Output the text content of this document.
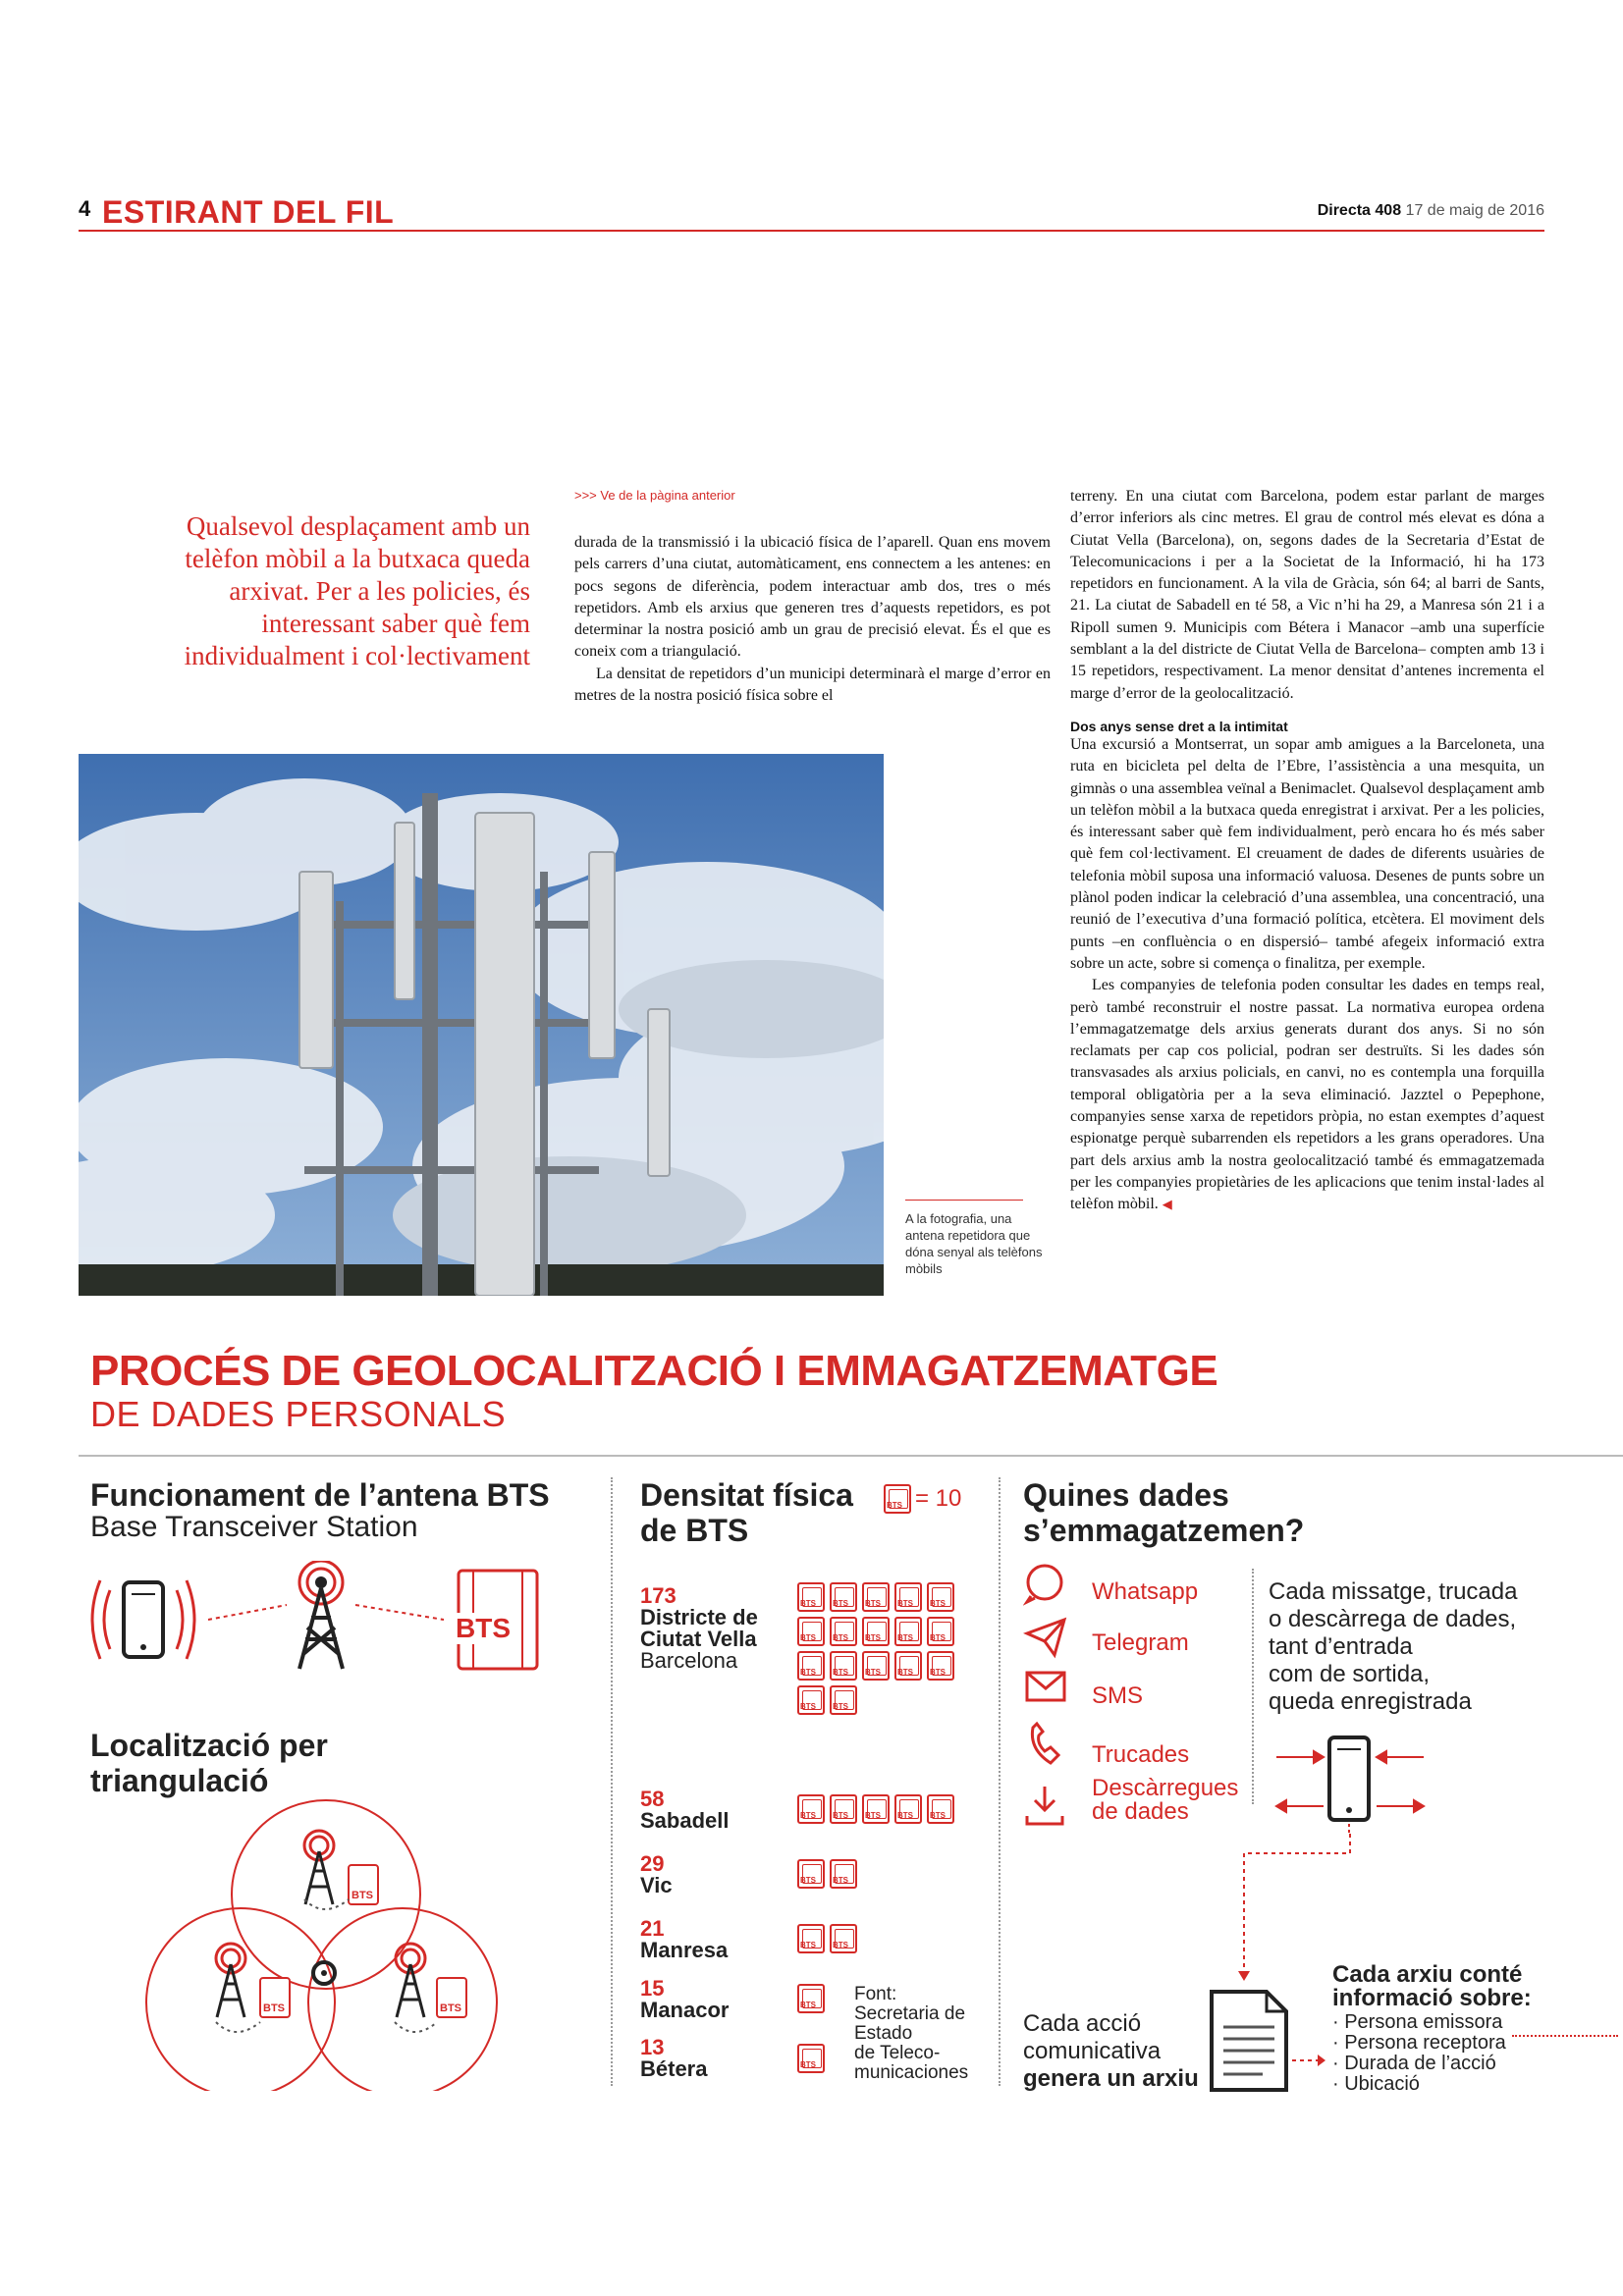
4 ESTIRANT DEL FIL	Directa 408 17 de maig de 2016
Qualsevol desplaçament amb un telèfon mòbil a la butxaca queda arxivat. Per a les policies, és interessant saber què fem individualment i col·lectivament
>>> Ve de la pàgina anterior

durada de la transmissió i la ubicació física de l’aparell. Quan ens movem pels carrers d’una ciutat, automàticament, ens connectem a les antenes: en pocs segons de diferència, podem interactuar amb dos, tres o més repetidors. Amb els arxius que generen tres d’aquests repetidors, es pot determinar la nostra posició amb un grau de precisió elevat. És el que es coneix com a triangulació.

La densitat de repetidors d’un municipi determinarà el marge d’error en metres de la nostra posició física sobre el

terreny. En una ciutat com Barcelona, podem estar parlant de marges d’error inferiors als cinc metres. El grau de control més elevat es dóna a Ciutat Vella (Barcelona), on, segons dades de la Secretaria d’Estat de Telecomunicacions i per a la Societat de la Informació, hi ha 173 repetidors en funcionament. A la vila de Gràcia, són 64; al barri de Sants, 21. La ciutat de Sabadell en té 58, a Vic n’hi ha 29, a Manresa són 21 i a Ripoll sumen 9. Municipis com Bétera i Manacor –amb una superfície semblant a la del districte de Ciutat Vella de Barcelona– compten amb 13 i 15 repetidors, respectivament. La menor densitat d’antenes incrementa el marge d’error de la geolocalització.

Dos anys sense dret a la intimitat

Una excursió a Montserrat, un sopar amb amigues a la Barceloneta, una ruta en bicicleta pel delta de l’Ebre, l’assistència a una mesquita, un gimnàs o una assemblea veïnal a Benimaclet. Qualsevol desplaçament amb un telèfon mòbil a la butxaca queda enregistrat i arxivat. Per a les policies, és interessant saber què fem individualment, però encara ho és més saber què fem col·lectivament. El creuament de dades de diferents usuàries de telefonia mòbil suposa una informació valuosa. Desenes de punts sobre un plànol poden indicar la celebració d’una assemblea, una concentració, una reunió de l’executiva d’una formació política, etcètera. El moviment dels punts –en confluència o en dispersió– també afegeix informació extra sobre un acte, sobre si comença o finalitza, per exemple.

Les companyies de telefonia poden consultar les dades en temps real, però també reconstruir el nostre passat. La normativa europea ordena l’emmagatzematge dels arxius generats durant dos anys. Si no són reclamats per cap cos policial, podran ser destruïts. Si les dades són transvasades als arxius policials, en canvi, no es contempla una forquilla temporal obligatòria per a la seva eliminació. Jazztel o Pepephone, companyies sense xarxa de repetidors pròpia, no estan exemptes d’aquest espionatge perquè subarrenden els repetidors a les grans operadores. Una part dels arxius amb la nostra geolocalització també és emmagatzemada per les companyies propietàries de les aplicacions que tenim instal·lades al telèfon mòbil. ◀

A la fotografia, una antena repetidora que dóna senyal als telèfons mòbils
PROCÉS DE GEOLOCALITZACIÓ I EMMAGATZEMATGE
DE DADES PERSONALS
Funcionament de l’antena BTS
Base Transceiver Station
BTS
Localització per
triangulació
BTS
BTS	BTS
Densitat física
de BTS
BTS = 10
173
Districte de
Ciutat Vella
Barcelona
BTS BTS BTS BTS BTS
BTS BTS BTS BTS BTS
BTS BTS BTS BTS BTS
BTS BTS
58
Sabadell	BTS BTS BTS BTS BTS
29
Vic	BTS BTS
21
Manresa	BTS BTS
15
Manacor	BTS
13
Bétera	BTS
Font:
Secretaria de
Estado
de Teleco-
municaciones
Quines dades
s’emmagatzemen?
Whatsapp
Telegram
SMS
Trucades
Descàrregues
de dades
Cada missatge, trucada
o descàrrega de dades,
tant d’entrada
com de sortida,
queda enregistrada
Cada acció
comunicativa
genera un arxiu
Cada arxiu conté
informació sobre:
· Persona emissora
· Persona receptora
· Durada de l’acció
· Ubicació
